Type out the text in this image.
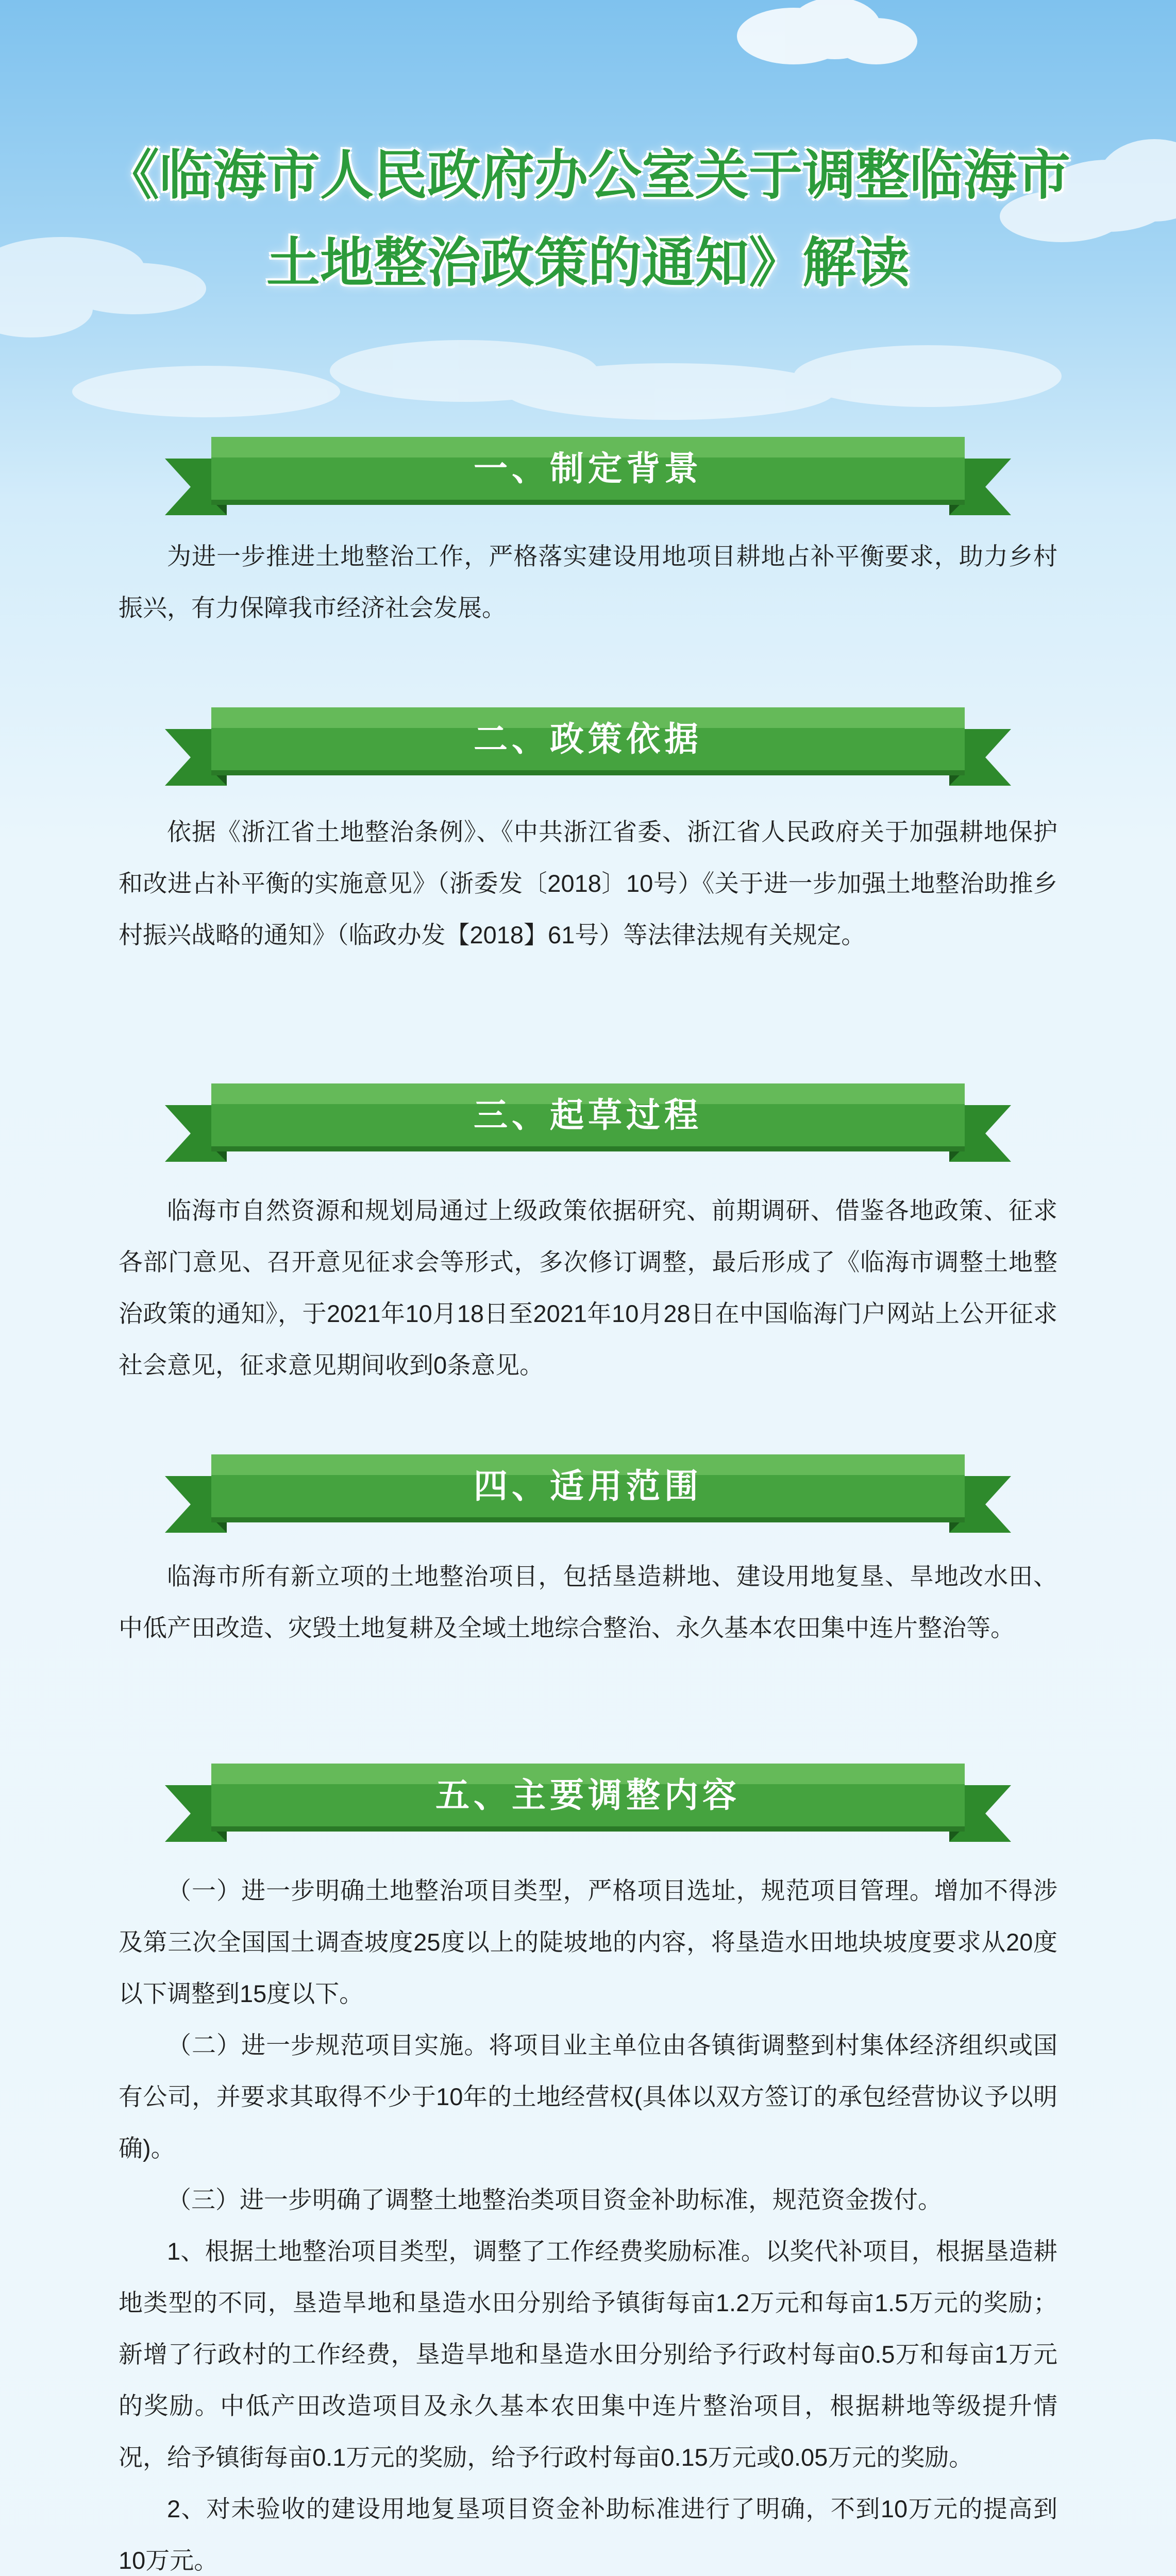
《临海市人民政府办公室关于调整临海市
土地整治政策的通知》解读
一、制定背景
为进一步推进土地整治工作，严格落实建设用地项目耕地占补平衡要求，助力乡村振兴，有力保障我市经济社会发展。
二、政策依据
依据《浙江省土地整治条例》、《中共浙江省委、浙江省人民政府关于加强耕地保护和改进占补平衡的实施意见》（浙委发〔2018〕10号）《关于进一步加强土地整治助推乡村振兴战略的通知》（临政办发【2018】61号）等法律法规有关规定。
三、起草过程
临海市自然资源和规划局通过上级政策依据研究、前期调研、借鉴各地政策、征求各部门意见、召开意见征求会等形式，多次修订调整，最后形成了《临海市调整土地整治政策的通知》，于2021年10月18日至2021年10月28日在中国临海门户网站上公开征求社会意见，征求意见期间收到0条意见。
四、适用范围
临海市所有新立项的土地整治项目，包括垦造耕地、建设用地复垦、旱地改水田、中低产田改造、灾毁土地复耕及全域土地综合整治、永久基本农田集中连片整治等。
五、主要调整内容

（一）进一步明确土地整治项目类型，严格项目选址，规范项目管理。增加不得涉及第三次全国国土调查坡度25度以上的陡坡地的内容，将垦造水田地块坡度要求从20度以下调整到15度以下。

（二）进一步规范项目实施。将项目业主单位由各镇街调整到村集体经济组织或国有公司，并要求其取得不少于10年的土地经营权(具体以双方签订的承包经营协议予以明确)。

（三）进一步明确了调整土地整治类项目资金补助标准，规范资金拨付。

1、根据土地整治项目类型，调整了工作经费奖励标准。以奖代补项目，根据垦造耕地类型的不同，垦造旱地和垦造水田分别给予镇街每亩1.2万元和每亩1.5万元的奖励；新增了行政村的工作经费，垦造旱地和垦造水田分别给予行政村每亩0.5万和每亩1万元的奖励。中低产田改造项目及永久基本农田集中连片整治项目，根据耕地等级提升情况，给予镇街每亩0.1万元的奖励，给予行政村每亩0.15万元或0.05万元的奖励。

2、对未验收的建设用地复垦项目资金补助标准进行了明确，不到10万元的提高到10万元。
